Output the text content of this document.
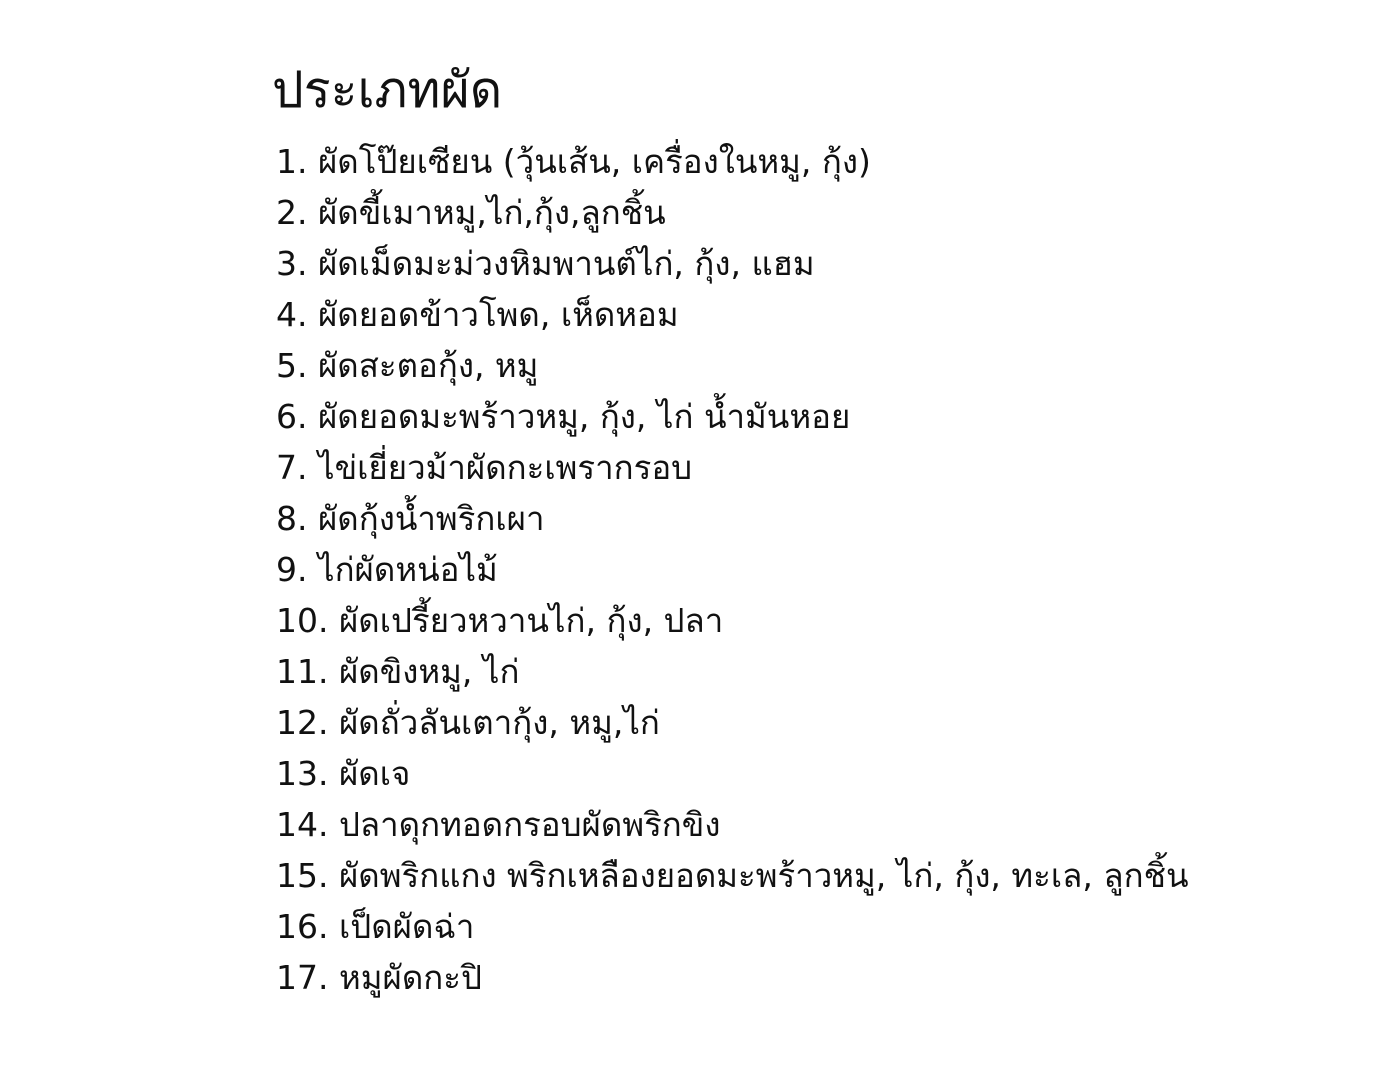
ประเภทผัด
1. ผัดโป๊ยเซียน (วุ้นเส้น, เครื่องในหมู, กุ้ง)
2. ผัดขี้เมาหมู,ไก่,กุ้ง,ลูกชิ้น
3. ผัดเม็ดมะม่วงหิมพานต์ไก่, กุ้ง, แฮม
4. ผัดยอดข้าวโพด, เห็ดหอม
5. ผัดสะตอกุ้ง, หมู
6. ผัดยอดมะพร้าวหมู, กุ้ง, ไก่ น้ำมันหอย
7. ไข่เยี่ยวม้าผัดกะเพรากรอบ
8. ผัดกุ้งน้ำพริกเผา
9. ไก่ผัดหน่อไม้
10. ผัดเปรี้ยวหวานไก่, กุ้ง, ปลา
11. ผัดขิงหมู, ไก่
12. ผัดถั่วลันเตากุ้ง, หมู,ไก่
13. ผัดเจ
14. ปลาดุกทอดกรอบผัดพริกขิง
15. ผัดพริกแกง พริกเหลืองยอดมะพร้าวหมู, ไก่, กุ้ง, ทะเล, ลูกชิ้น
16. เป็ดผัดฉ่า
17. หมูผัดกะปิ
